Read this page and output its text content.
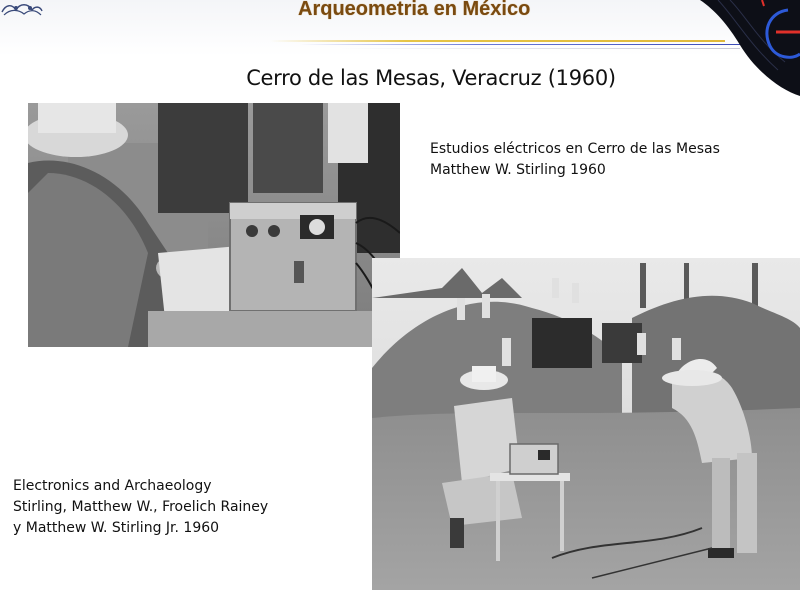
Arqueometria en México
Cerro de las Mesas, Veracruz (1960)
Estudios eléctricos en Cerro de las Mesas
Matthew W. Stirling 1960
Electronics and Archaeology
Stirling, Matthew W., Froelich Rainey
y Matthew W. Stirling Jr. 1960
